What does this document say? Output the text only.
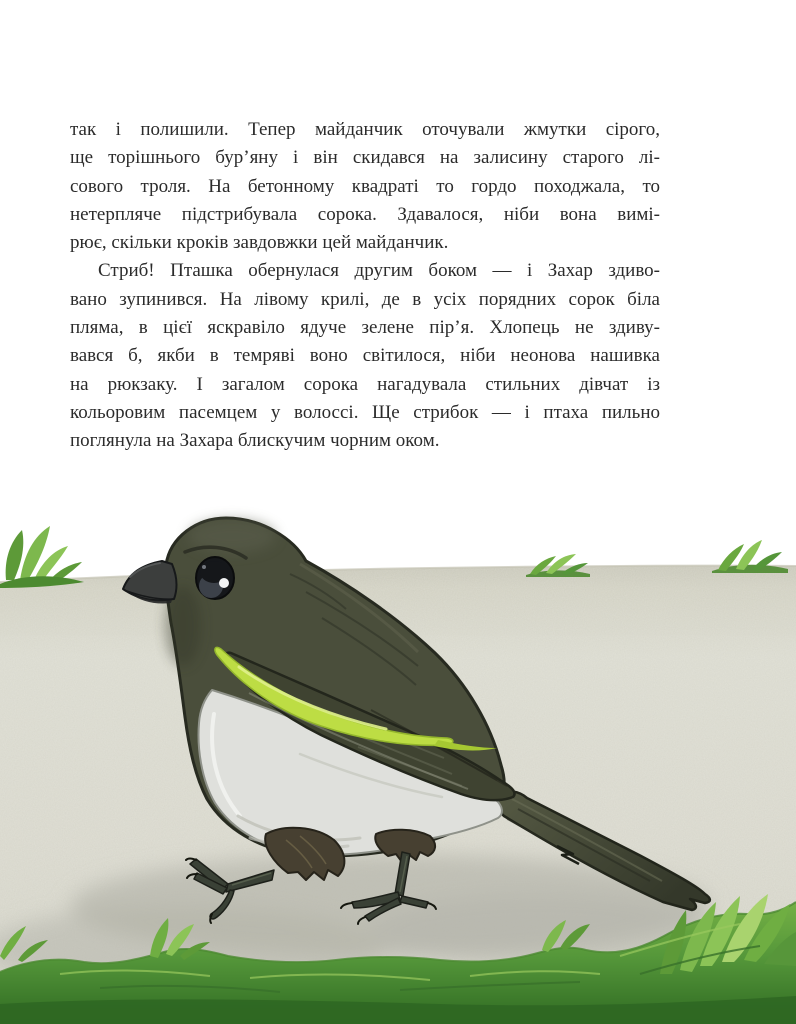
так і полишили. Тепер майданчик оточували жмутки сірого,
ще торішнього бур’яну і він скидався на залисину старого лі-
сового троля. На бетонному квадраті то гордо походжала, то
нетерпляче підстрибувала сорока. Здавалося, ніби вона вимі-
рює, скільки кроків завдовжки цей майданчик.
Стриб! Пташка обернулася другим боком — і Захар здиво-
вано зупинився. На лівому крилі, де в усіх порядних сорок біла
пляма, в цієї яскравіло ядуче зелене пір’я. Хлопець не здиву-
вався б, якби в темряві воно світилося, ніби неонова нашивка
на рюкзаку. І загалом сорока нагадувала стильних дівчат із
кольоровим пасемцем у волоссі. Ще стрибок — і птаха пильно
поглянула на Захара блискучим чорним оком.
